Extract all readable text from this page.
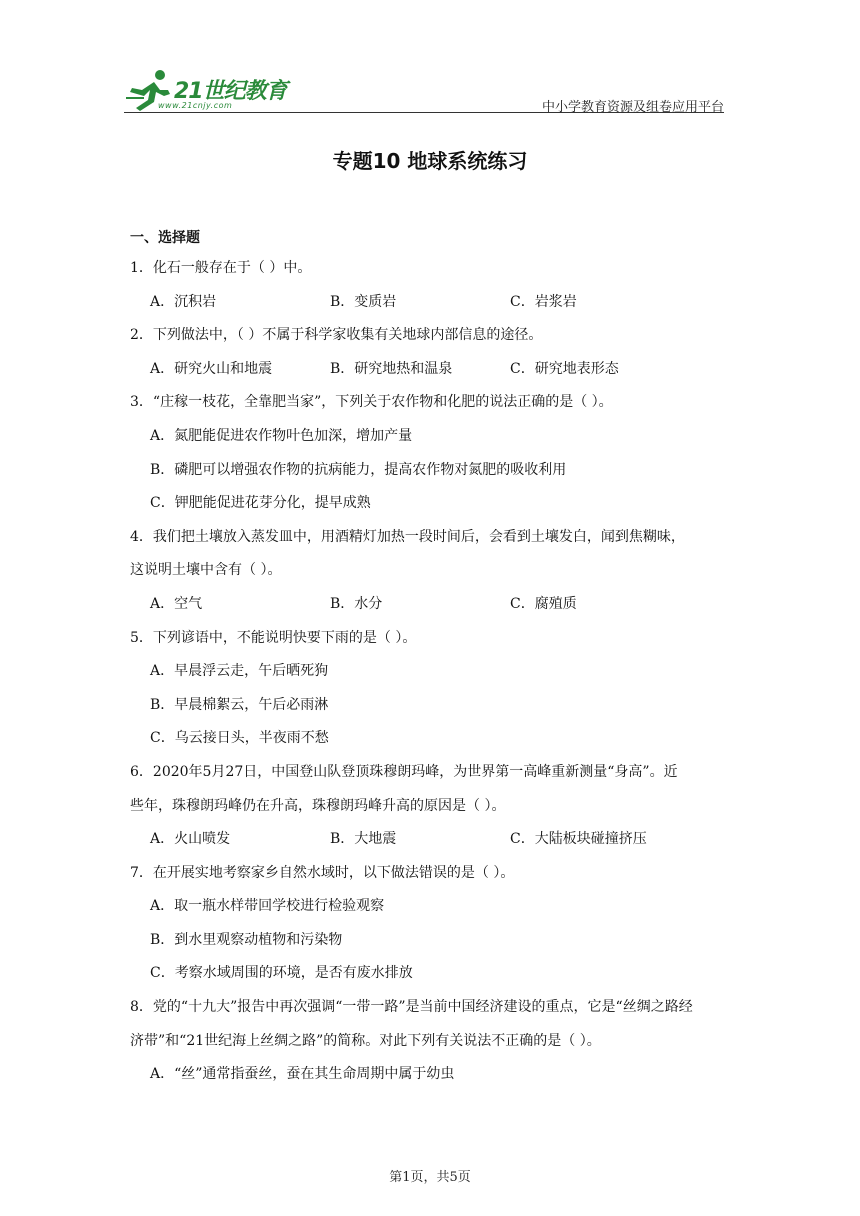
21世纪教育
www.21cnjy.com	中小学教育资源及组卷应用平台
专题10 地球系统练习
一、选择题
1．化石一般存在于（ ）中。
A．沉积岩	B．变质岩	C．岩浆岩
2．下列做法中，（ ）不属于科学家收集有关地球内部信息的途径。
A．研究火山和地震	B．研究地热和温泉	C．研究地表形态
3．“庄稼一枝花，全靠肥当家”，下列关于农作物和化肥的说法正确的是（ ）。
A．氮肥能促进农作物叶色加深，增加产量
B．磷肥可以增强农作物的抗病能力，提高农作物对氮肥的吸收利用
C．钾肥能促进花芽分化，提早成熟
4．我们把土壤放入蒸发皿中，用酒精灯加热一段时间后，会看到土壤发白，闻到焦糊味，
这说明土壤中含有（ ）。
A．空气	B．水分	C．腐殖质
5．下列谚语中，不能说明快要下雨的是（ ）。
A．早晨浮云走，午后晒死狗
B．早晨棉絮云，午后必雨淋
C．乌云接日头，半夜雨不愁
6．2020年5月27日，中国登山队登顶珠穆朗玛峰，为世界第一高峰重新测量“身高”。近
些年，珠穆朗玛峰仍在升高，珠穆朗玛峰升高的原因是（ ）。
A．火山喷发	B．大地震	C．大陆板块碰撞挤压
7．在开展实地考察家乡自然水域时，以下做法错误的是（ ）。
A．取一瓶水样带回学校进行检验观察
B．到水里观察动植物和污染物
C．考察水域周围的环境，是否有废水排放
8．党的“十九大”报告中再次强调“一带一路”是当前中国经济建设的重点，它是“丝绸之路经
济带”和“21世纪海上丝绸之路”的简称。对此下列有关说法不正确的是（ ）。
A．“丝”通常指蚕丝，蚕在其生命周期中属于幼虫
第1页，共5页
